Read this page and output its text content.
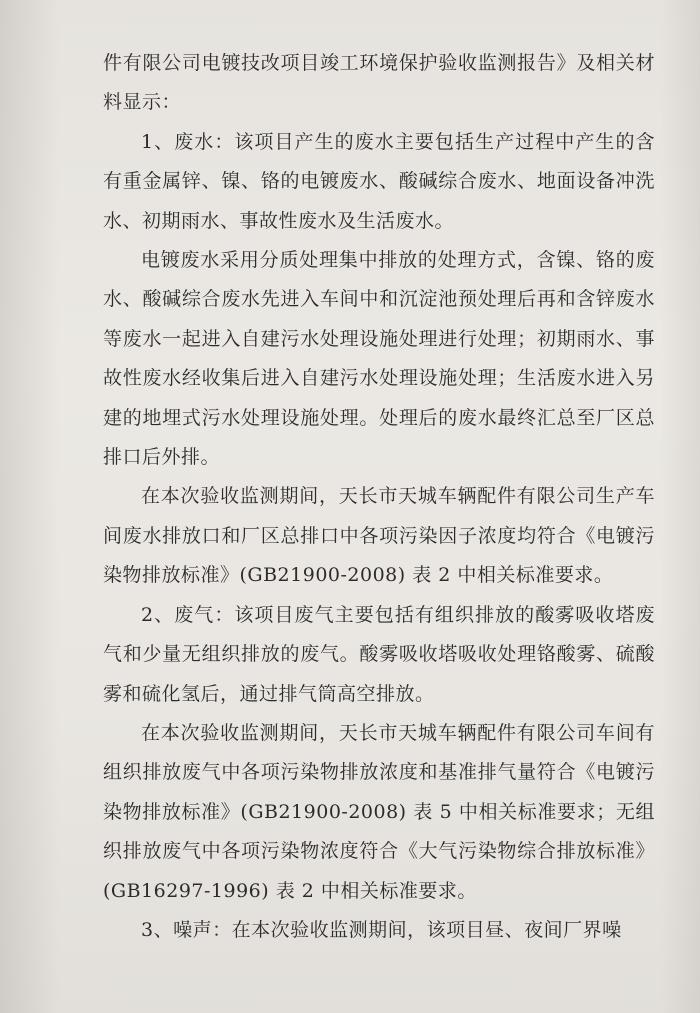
件有限公司电镀技改项目竣工环境保护验收监测报告》及相关材料显示：

1、废水：该项目产生的废水主要包括生产过程中产生的含有重金属锌、镍、铬的电镀废水、酸碱综合废水、地面设备冲洗水、初期雨水、事故性废水及生活废水。

电镀废水采用分质处理集中排放的处理方式，含镍、铬的废水、酸碱综合废水先进入车间中和沉淀池预处理后再和含锌废水等废水一起进入自建污水处理设施处理进行处理；初期雨水、事故性废水经收集后进入自建污水处理设施处理；生活废水进入另建的地埋式污水处理设施处理。处理后的废水最终汇总至厂区总排口后外排。

在本次验收监测期间，天长市天城车辆配件有限公司生产车间废水排放口和厂区总排口中各项污染因子浓度均符合《电镀污染物排放标准》(GB21900-2008) 表 2 中相关标准要求。

2、废气：该项目废气主要包括有组织排放的酸雾吸收塔废气和少量无组织排放的废气。酸雾吸收塔吸收处理铬酸雾、硫酸雾和硫化氢后，通过排气筒高空排放。

在本次验收监测期间，天长市天城车辆配件有限公司车间有组织排放废气中各项污染物排放浓度和基准排气量符合《电镀污染物排放标准》(GB21900-2008) 表 5 中相关标准要求；无组织排放废气中各项污染物浓度符合《大气污染物综合排放标准》(GB16297-1996) 表 2 中相关标准要求。

3、噪声：在本次验收监测期间，该项目昼、夜间厂界噪
